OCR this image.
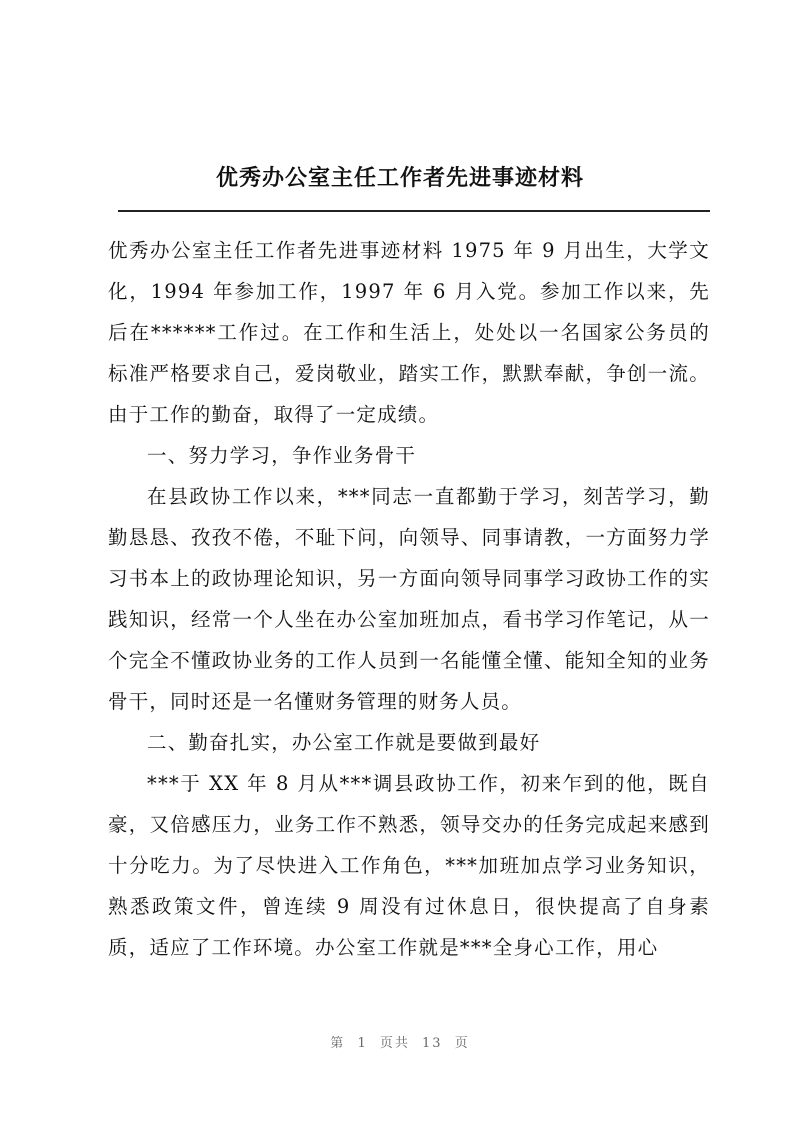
优秀办公室主任工作者先进事迹材料

优秀办公室主任工作者先进事迹材料 1975 年 9 月出生，大学文化，1994 年参加工作，1997 年 6 月入党。参加工作以来，先后在******工作过。在工作和生活上，处处以一名国家公务员的标准严格要求自己，爱岗敬业，踏实工作，默默奉献，争创一流。由于工作的勤奋，取得了一定成绩。

一、努力学习，争作业务骨干

在县政协工作以来，***同志一直都勤于学习，刻苦学习，勤勤恳恳、孜孜不倦，不耻下问，向领导、同事请教，一方面努力学习书本上的政协理论知识，另一方面向领导同事学习政协工作的实践知识，经常一个人坐在办公室加班加点，看书学习作笔记，从一个完全不懂政协业务的工作人员到一名能懂全懂、能知全知的业务骨干，同时还是一名懂财务管理的财务人员。

二、勤奋扎实，办公室工作就是要做到最好

***于 XX 年 8 月从***调县政协工作，初来乍到的他，既自豪，又倍感压力，业务工作不熟悉，领导交办的任务完成起来感到十分吃力。为了尽快进入工作角色，***加班加点学习业务知识，熟悉政策文件，曾连续 9 周没有过休息日，很快提高了自身素质，适应了工作环境。办公室工作就是***全身心工作，用心

第 1 页共 13 页
